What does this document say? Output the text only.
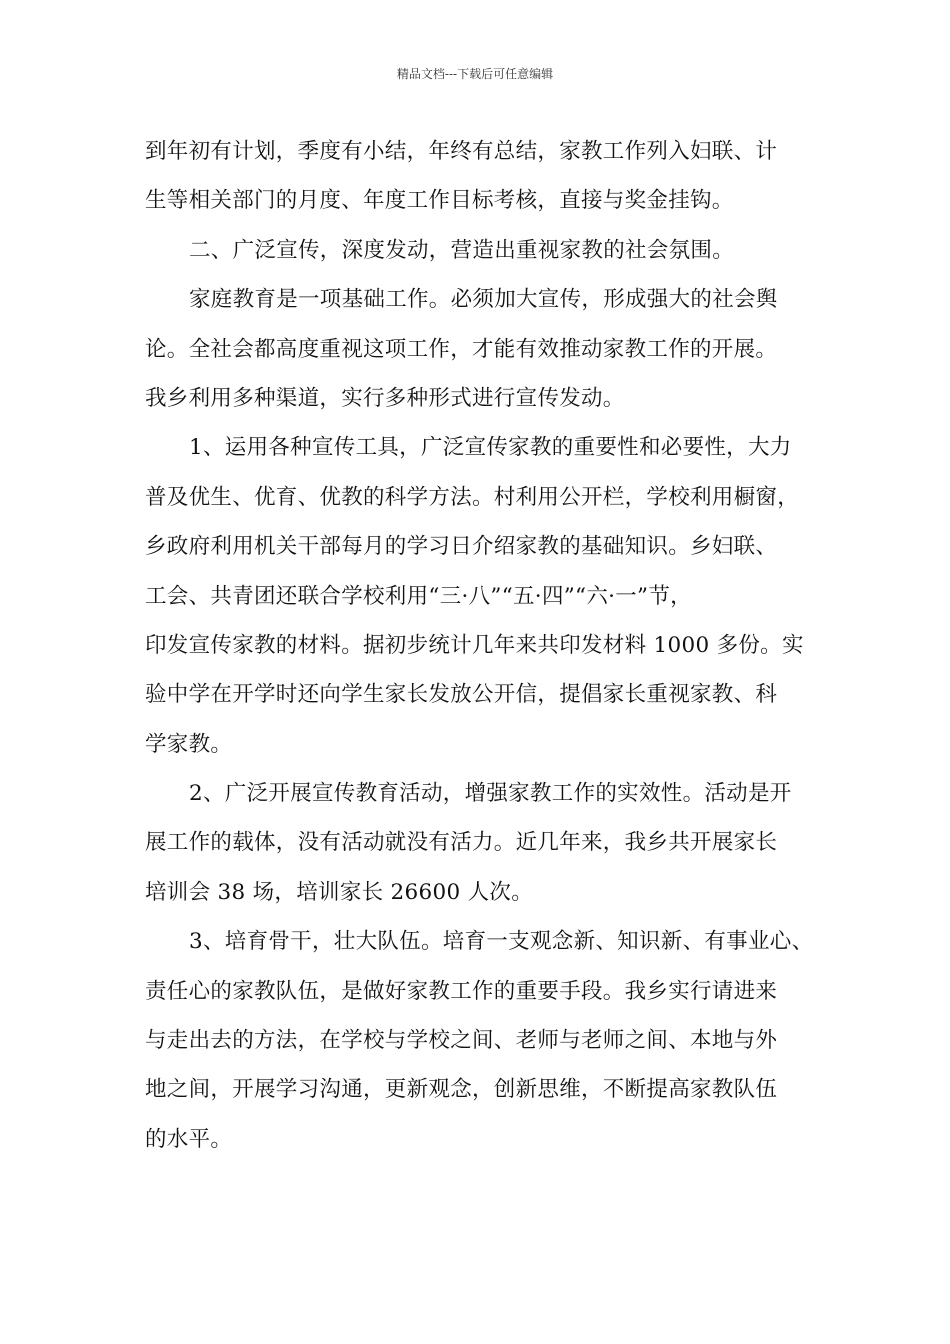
精品文档---下载后可任意编辑
到年初有计划，季度有小结，年终有总结，家教工作列入妇联、计
生等相关部门的月度、年度工作目标考核，直接与奖金挂钩。
二、广泛宣传，深度发动，营造出重视家教的社会氛围。
家庭教育是一项基础工作。必须加大宣传，形成强大的社会舆
论。全社会都高度重视这项工作，才能有效推动家教工作的开展。
我乡利用多种渠道，实行多种形式进行宣传发动。
1、运用各种宣传工具，广泛宣传家教的重要性和必要性，大力
普及优生、优育、优教的科学方法。村利用公开栏，学校利用橱窗，
乡政府利用机关干部每月的学习日介绍家教的基础知识。乡妇联、
工会、共青团还联合学校利用“三·八”“五·四”“六·一”节，
印发宣传家教的材料。据初步统计几年来共印发材料 1000 多份。实
验中学在开学时还向学生家长发放公开信，提倡家长重视家教、科
学家教。
2、广泛开展宣传教育活动，增强家教工作的实效性。活动是开
展工作的载体，没有活动就没有活力。近几年来，我乡共开展家长
培训会 38 场，培训家长 26600 人次。
3、培育骨干，壮大队伍。培育一支观念新、知识新、有事业心、
责任心的家教队伍，是做好家教工作的重要手段。我乡实行请进来
与走出去的方法，在学校与学校之间、老师与老师之间、本地与外
地之间，开展学习沟通，更新观念，创新思维，不断提高家教队伍
的水平。
